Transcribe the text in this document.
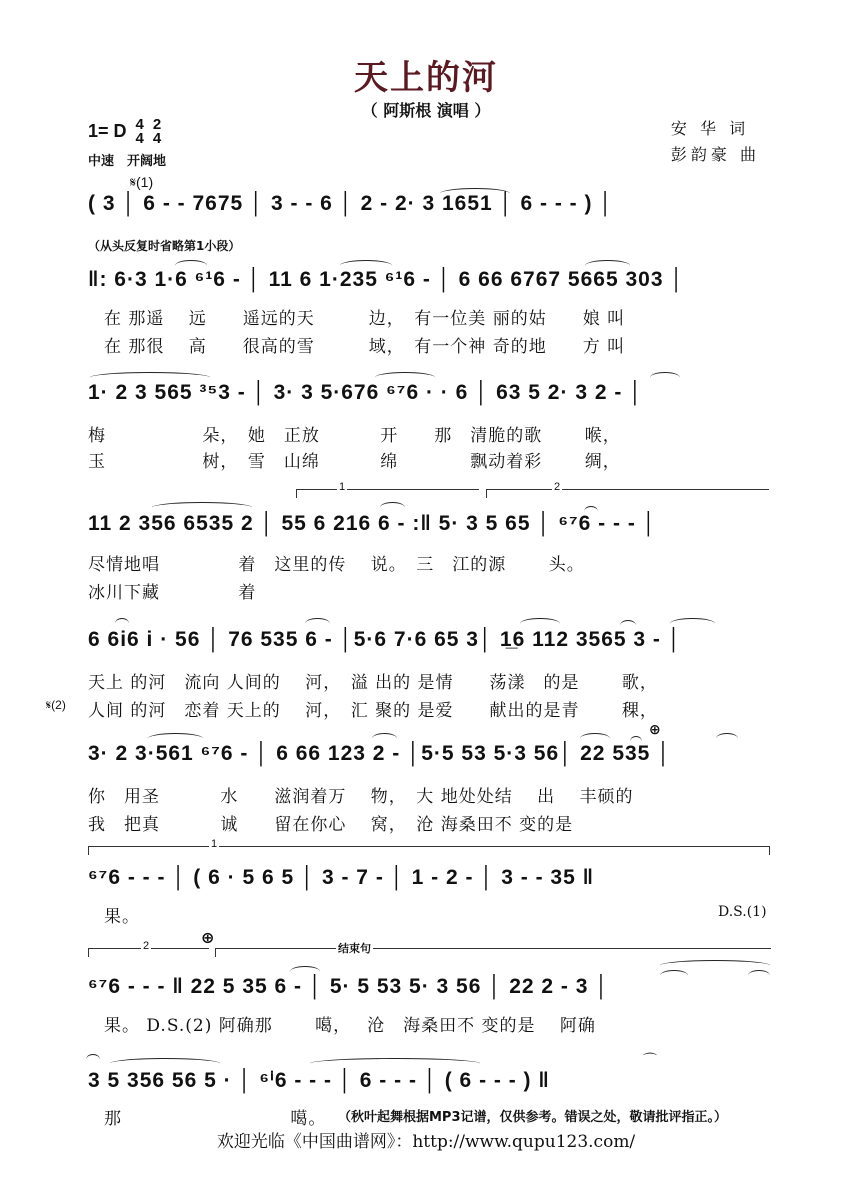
天上的河
（ 阿斯根 演唱 ）
1= D 4
4

2
4
中速　开阔地
安 华 词
彭韵豪 曲
𝄋(1)
( 3 │ 6 - - 7675 │ 3 - - 6 │ 2 - 2· 3 1651 │ 6 - - - ) │
（从头反复时省略第1小段）
‖: 6·3 1·6 ⁶¹6 - │ 11 6 1·235 ⁶¹6 - │ 6 66 6767 5665 303 │
在 那遥　 远　　遥远的天　　　边，　有一位美 丽的姑　　娘 叫
在 那很　 高　　很高的雪　　　域，　有一个神 奇的地　　方 叫
1· 2 3 565 ³⁵3 - │ 3· 3 5·676 ⁶⁷6 · · 6 │ 63 5 2· 3 2 - │
梅　　　　　 朵，　她　正放　　　 开　　那　清脆的歌　　 喉，
玉　　　　　 树，　雪　山绵　　　 绵　　　　飘动着彩　　 绸，
1	2
11 2 356 6535 2 │ 55 6 216 6 - :‖ 5· 3 5 65 │ ⁶⁷6 - - - │
尽情地唱　　　　 着　这里的传　 说。　三　江的源　　 头。
冰川下藏　　　　 着
6 6i6 i · 56 │ 76 535 6 - │5·6 7·6 65 3│ 1̲6 112 3565 3 - │
天上 的河　流向 人间的　 河，　溢 出的 是情　　荡漾　的是　　 歌，
人间 的河　恋着 天上的　 河，　汇 聚的 是爱　　献出的是青　　 稞，
𝄋(2)
⊕
3· 2 3·561 ⁶⁷6 - │ 6 66 123 2 - │5·5 53 5·3 56│ 22 535 │
你　用圣　　　 水　　滋润着万　 物，　大 地处处结　 出　 丰硕的
我　把真　　　 诚　　留在你心　 窝，　沧 海桑田不 变的是
1
⁶⁷6 - - - │ ( 6 · 5 6 5 │ 3 - 7 - │ 1 - 2 - │ 3 - - 35 ‖
果。	D.S.(1)
⊕
2	结束句
⁶⁷6 - - - ‖ 22 5 35 6 - │ 5· 5 53 5· 3 56 │ 22 2 - 3 │
果。 D.S.(2) 阿确那　　 噶，　 沧　海桑田不 变的是　 阿确
⌒
3 5 356 56 5 · │ ⁶ⁱ6 - - - │ 6 - - - │ ( 6 - - - ) ‖
那　　　　　　　　　 噶。 （秋叶起舞根据MP3记谱，仅供参考。错误之处，敬请批评指正。）
欢迎光临《中国曲谱网》：http://www.qupu123.com/
